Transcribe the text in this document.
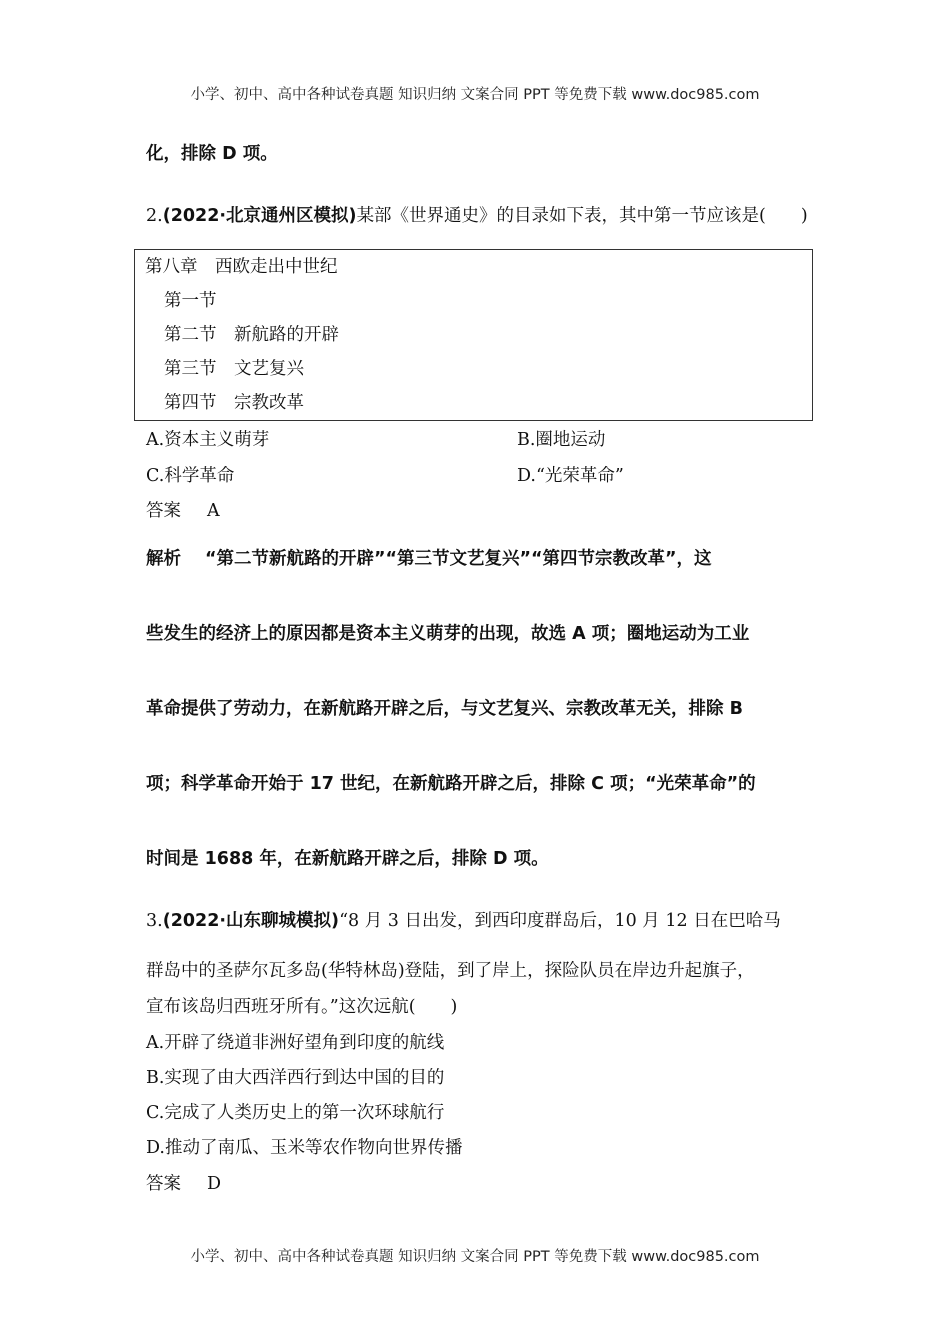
小学、初中、高中各种试卷真题 知识归纳 文案合同 PPT 等免费下载 www.doc985.com
化，排除 D 项。
2.(2022·北京通州区模拟)某部《世界通史》的目录如下表，其中第一节应该是(　　)
第八章　西欧走出中世纪
第一节
第二节　新航路的开辟
第三节　文艺复兴
第四节　宗教改革
A.资本主义萌芽	B.圈地运动
C.科学革命	D.“光荣革命”
答案 A
解析 “第二节新航路的开辟”“第三节文艺复兴”“第四节宗教改革”，这
些发生的经济上的原因都是资本主义萌芽的出现，故选 A 项；圈地运动为工业
革命提供了劳动力，在新航路开辟之后，与文艺复兴、宗教改革无关，排除 B
项；科学革命开始于 17 世纪，在新航路开辟之后，排除 C 项；“光荣革命”的
时间是 1688 年，在新航路开辟之后，排除 D 项。
3.(2022·山东聊城模拟)“8 月 3 日出发，到西印度群岛后，10 月 12 日在巴哈马
群岛中的圣萨尔瓦多岛(华特林岛)登陆，到了岸上，探险队员在岸边升起旗子，
宣布该岛归西班牙所有。”这次远航(　　)
A.开辟了绕道非洲好望角到印度的航线
B.实现了由大西洋西行到达中国的目的
C.完成了人类历史上的第一次环球航行
D.推动了南瓜、玉米等农作物向世界传播
答案 D
小学、初中、高中各种试卷真题 知识归纳 文案合同 PPT 等免费下载 www.doc985.com
